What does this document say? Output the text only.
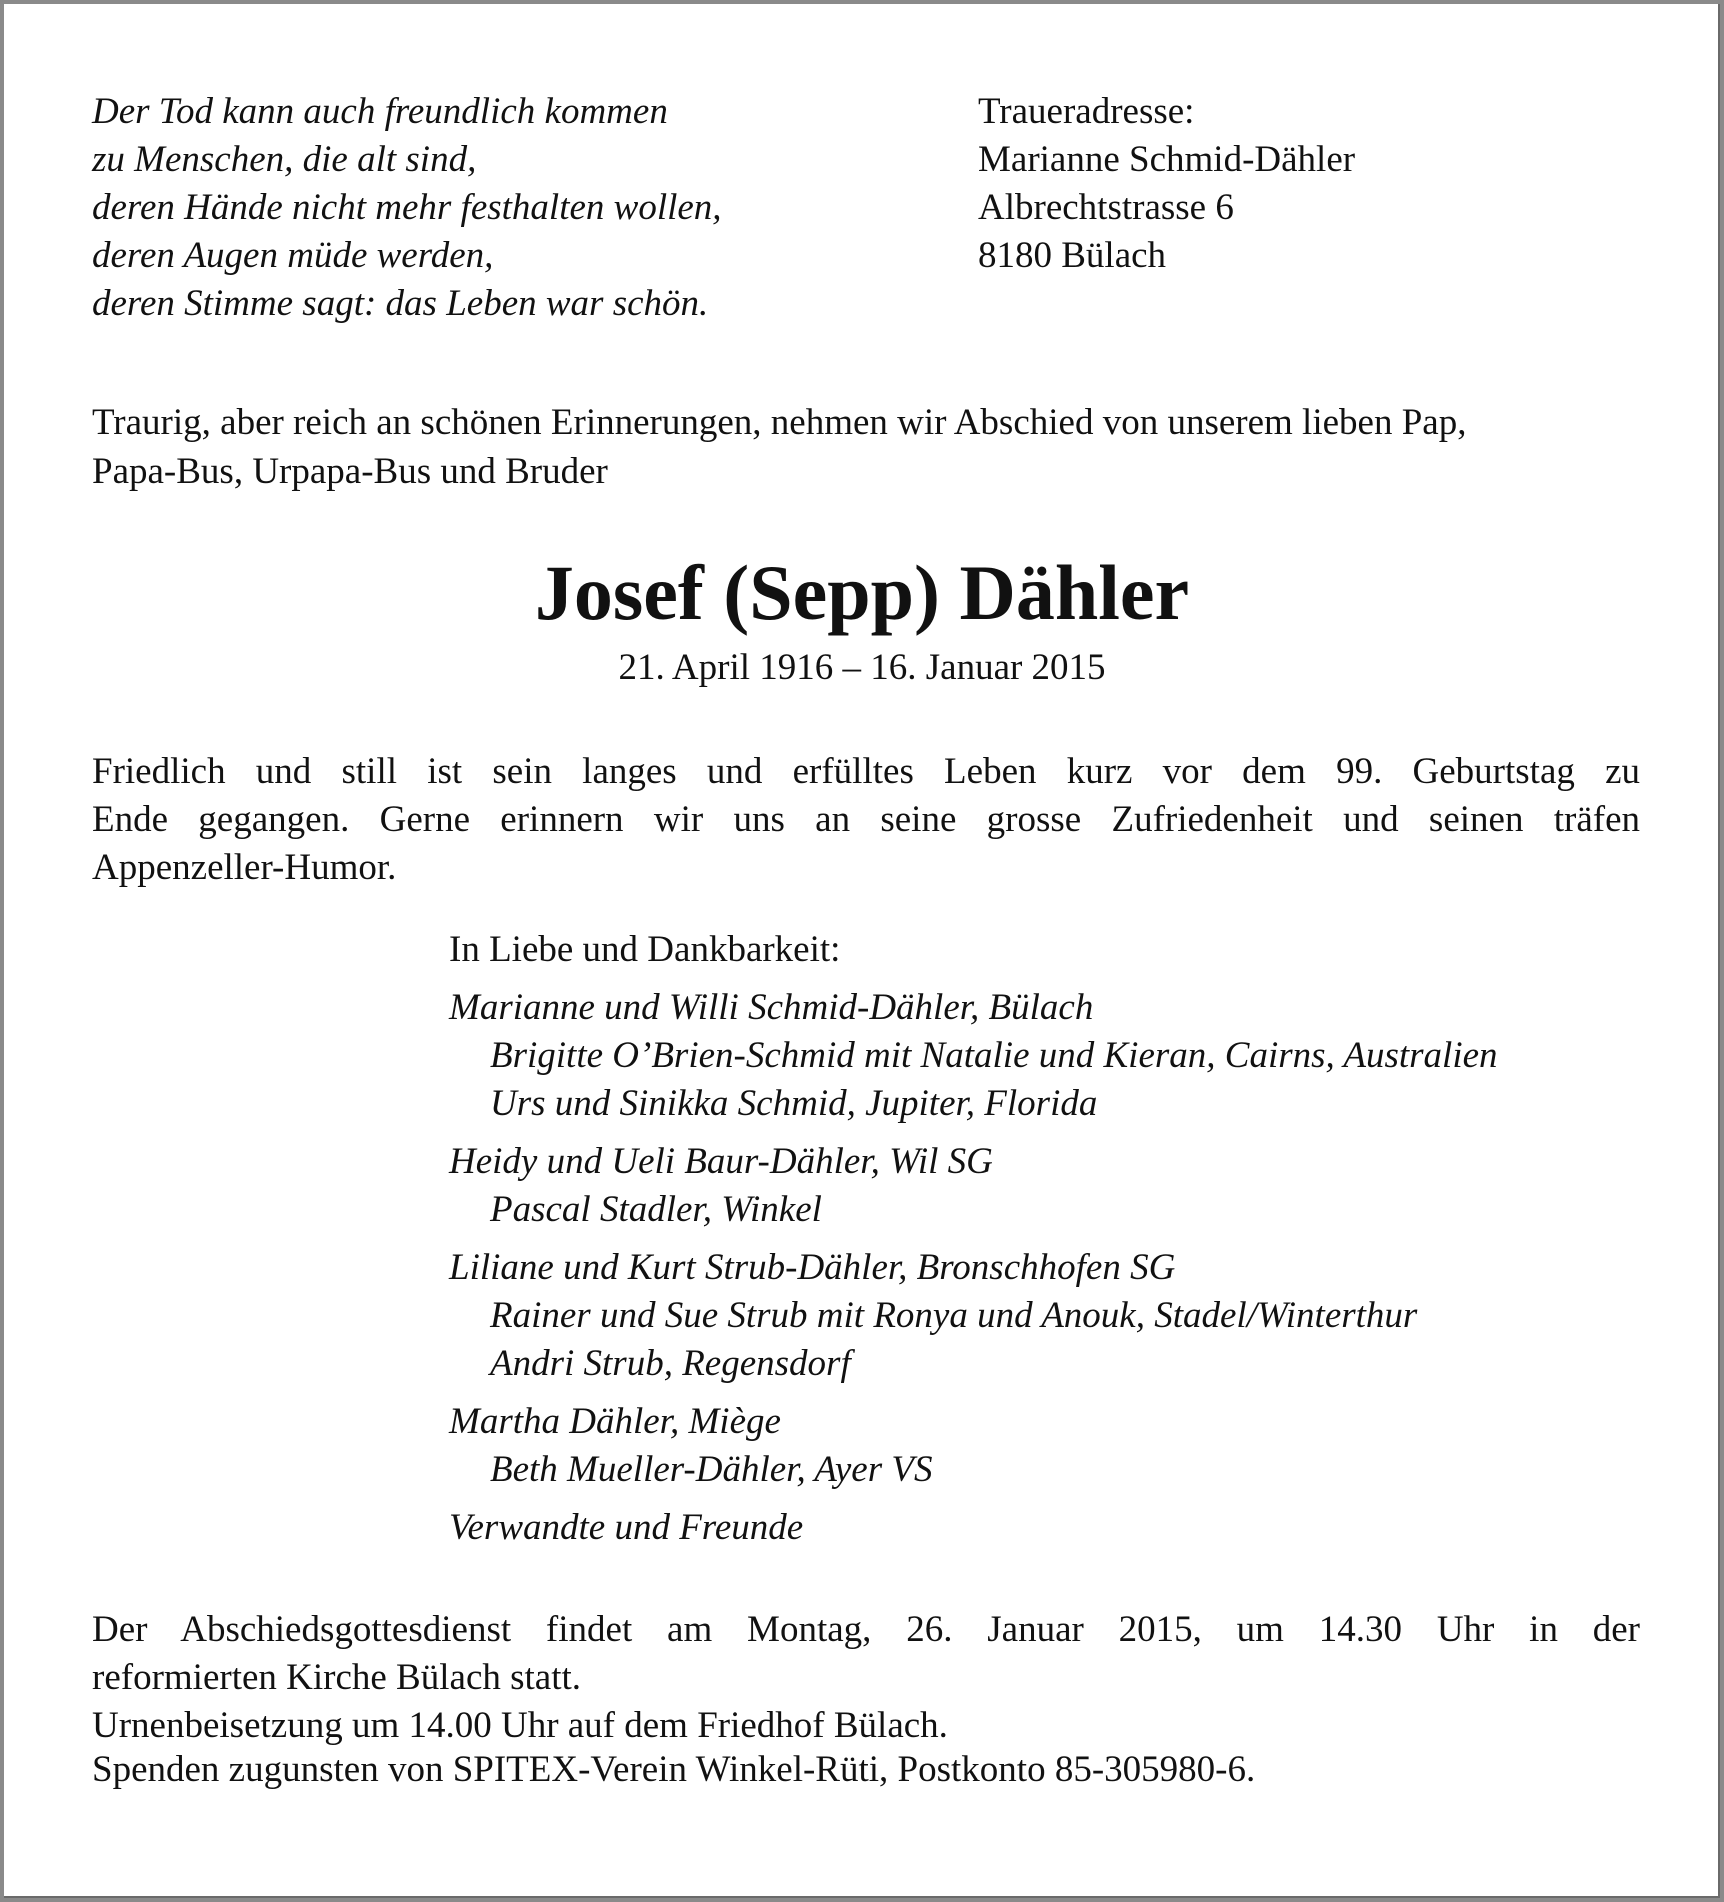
Der Tod kann auch freundlich kommen
zu Menschen, die alt sind,
deren Hände nicht mehr festhalten wollen,
deren Augen müde werden,
deren Stimme sagt: das Leben war schön.
Traueradresse:
Marianne Schmid-Dähler
Albrechtstrasse 6
8180 Bülach
Traurig, aber reich an schönen Erinnerungen, nehmen wir Abschied von unserem lieben Pap,
Papa-Bus, Urpapa-Bus und Bruder
Josef (Sepp) Dähler
21. April 1916 – 16. Januar 2015
Friedlich und still ist sein langes und erfülltes Leben kurz vor dem 99. Geburtstag zu
Ende gegangen. Gerne erinnern wir uns an seine grosse Zufriedenheit und seinen träfen
Appenzeller-Humor.
In Liebe und Dankbarkeit:
Marianne und Willi Schmid-Dähler, Bülach
Brigitte O’Brien-Schmid mit Natalie und Kieran, Cairns, Australien
Urs und Sinikka Schmid, Jupiter, Florida
Heidy und Ueli Baur-Dähler, Wil SG
Pascal Stadler, Winkel
Liliane und Kurt Strub-Dähler, Bronschhofen SG
Rainer und Sue Strub mit Ronya und Anouk, Stadel/Winterthur
Andri Strub, Regensdorf
Martha Dähler, Miège
Beth Mueller-Dähler, Ayer VS
Verwandte und Freunde
Der Abschiedsgottesdienst findet am Montag, 26. Januar 2015, um 14.30 Uhr in der
reformierten Kirche Bülach statt.
Urnenbeisetzung um 14.00 Uhr auf dem Friedhof Bülach.
Spenden zugunsten von SPITEX-Verein Winkel-Rüti, Postkonto 85-305980-6.
